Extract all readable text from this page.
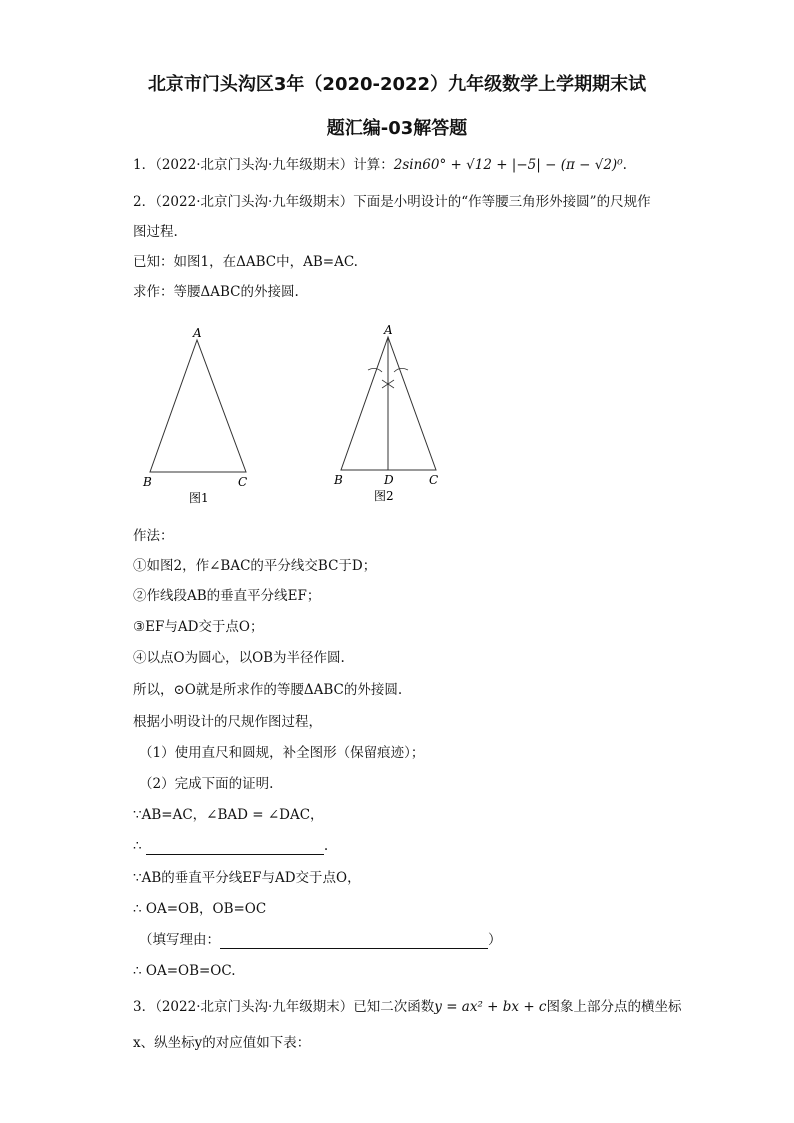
北京市门头沟区3年（2020-2022）九年级数学上学期期末试
题汇编-03解答题
1．（2022·北京门头沟·九年级期末）计算：2sin60° + √12 + |−5| − (π − √2)⁰.
2．（2022·北京门头沟·九年级期末）下面是小明设计的“作等腰三角形外接圆”的尺规作
图过程.
已知：如图1，在ΔABC中，AB=AC.
求作：等腰ΔABC的外接圆.
A
B	C
图1
A
B	D	C
图2
作法：
①如图2，作∠BAC的平分线交BC于D；
②作线段AB的垂直平分线EF；
③EF与AD交于点O；
④以点O为圆心，以OB为半径作圆.
所以，⊙O就是所求作的等腰ΔABC的外接圆.
根据小明设计的尺规作图过程，
（1）使用直尺和圆规，补全图形（保留痕迹）；
（2）完成下面的证明.
∵AB=AC，∠BAD = ∠DAC，
∴	.
∵AB的垂直平分线EF与AD交于点O，
∴ OA=OB，OB=OC
（填写理由：	）
∴ OA=OB=OC.
3．（2022·北京门头沟·九年级期末）已知二次函数y = ax² + bx + c图象上部分点的横坐标
x、纵坐标y的对应值如下表：
